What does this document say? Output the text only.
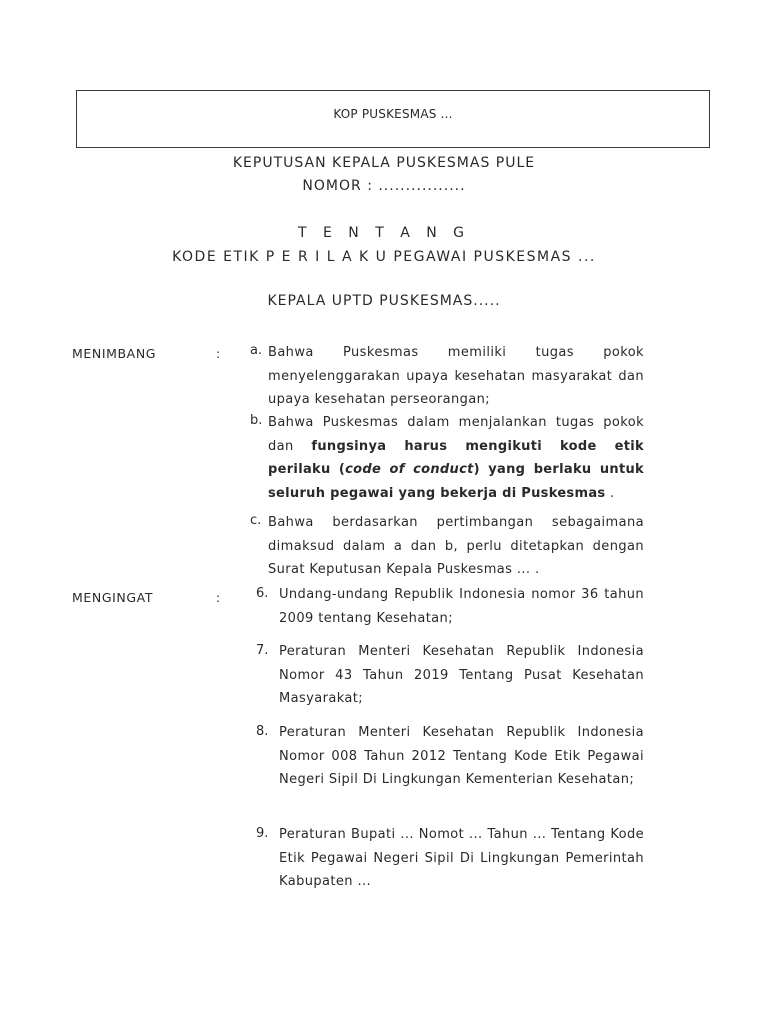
KOP PUSKESMAS ...
KEPUTUSAN KEPALA PUSKESMAS PULE
NOMOR : ................
T E N T A N G
KODE ETIK P E R I L A K U PEGAWAI PUSKESMAS ...
KEPALA UPTD PUSKESMAS.....
MENIMBANG	: a. Bahwa Puskesmas memiliki tugas pokok menyelenggarakan upaya kesehatan masyarakat dan upaya kesehatan perseorangan;
b. Bahwa Puskesmas dalam menjalankan tugas pokok dan fungsinya harus mengikuti kode etik perilaku (code of conduct) yang berlaku untuk seluruh pegawai yang bekerja di Puskesmas .
c. Bahwa berdasarkan pertimbangan sebagaimana dimaksud dalam a dan b, perlu ditetapkan dengan Surat Keputusan Kepala Puskesmas ... .
MENGINGAT	:	6. Undang-undang Republik Indonesia nomor 36 tahun 2009 tentang Kesehatan;
7. Peraturan Menteri Kesehatan Republik Indonesia Nomor 43 Tahun 2019 Tentang Pusat Kesehatan Masyarakat;
8. Peraturan Menteri Kesehatan Republik Indonesia Nomor 008 Tahun 2012 Tentang Kode Etik Pegawai Negeri Sipil Di Lingkungan Kementerian Kesehatan;
9. Peraturan Bupati ... Nomot ... Tahun ... Tentang Kode Etik Pegawai Negeri Sipil Di Lingkungan Pemerintah Kabupaten ...
